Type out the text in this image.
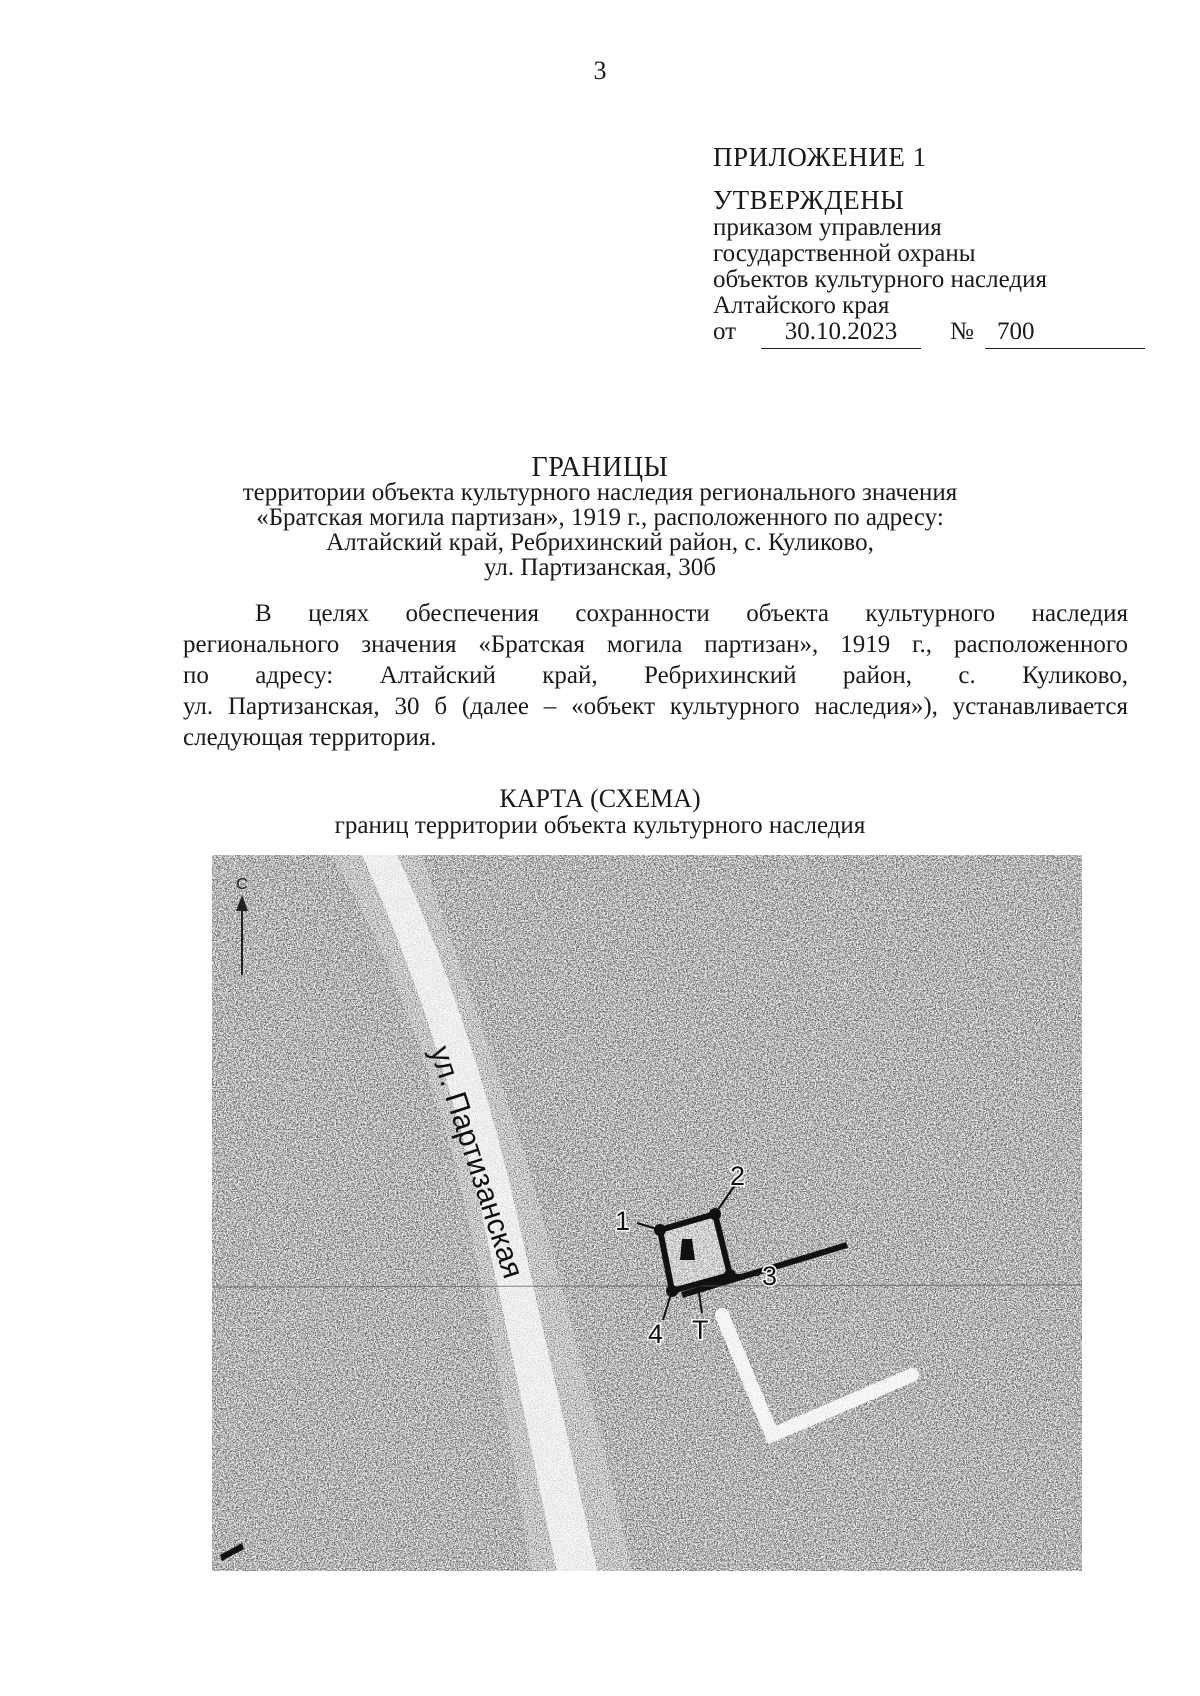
3
ПРИЛОЖЕНИЕ 1
УТВЕРЖДЕНЫ
приказом управления
государственной охраны
объектов культурного наследия
Алтайского края
от	30.10.2023	№ 700
ГРАНИЦЫ
территории объекта культурного наследия регионального значения
«Братская могила партизан», 1919 г., расположенного по адресу:
Алтайский край, Ребрихинский район, с. Куликово,
ул. Партизанская, 30б
В целях обеспечения сохранности объекта культурного наследия
регионального значения «Братская могила партизан», 1919 г., расположенного
по адресу: Алтайский край, Ребрихинский район, с. Куликово,
ул. Партизанская, 30 б (далее – «объект культурного наследия»), устанавливается
следующая территория.
КАРТА (СХЕМА)
границ территории объекта культурного наследия
С
ул. Партизанская	1
2
3
4 Т
